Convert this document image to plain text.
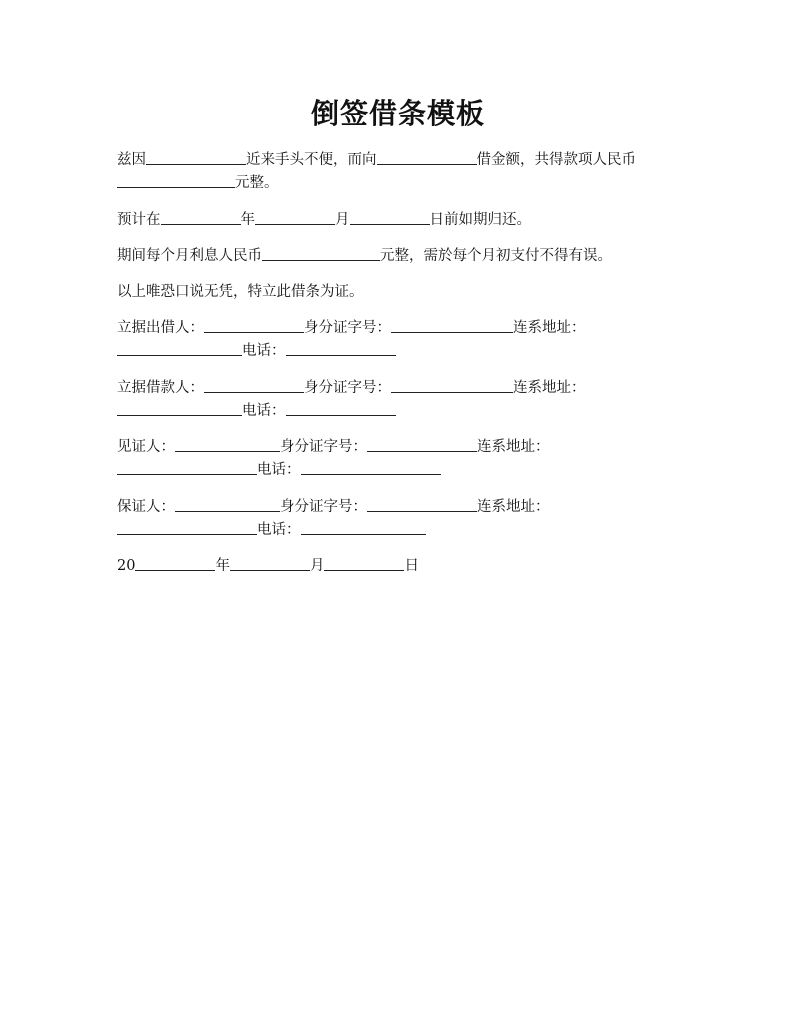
倒签借条模板
兹因	近来手头不便，而向	借金额，共得款项人民币
元整。
预计在	年	月	日前如期归还。
期间每个月利息人民币	元整，需於每个月初支付不得有误。
以上唯恐口说无凭，特立此借条为证。
立据出借人：	身分证字号：	连系地址：
电话：
立据借款人：	身分证字号：	连系地址：
电话：
见证人：	身分证字号：	连系地址：
电话：
保证人：	身分证字号：	连系地址：
电话：
20	年	月	日
